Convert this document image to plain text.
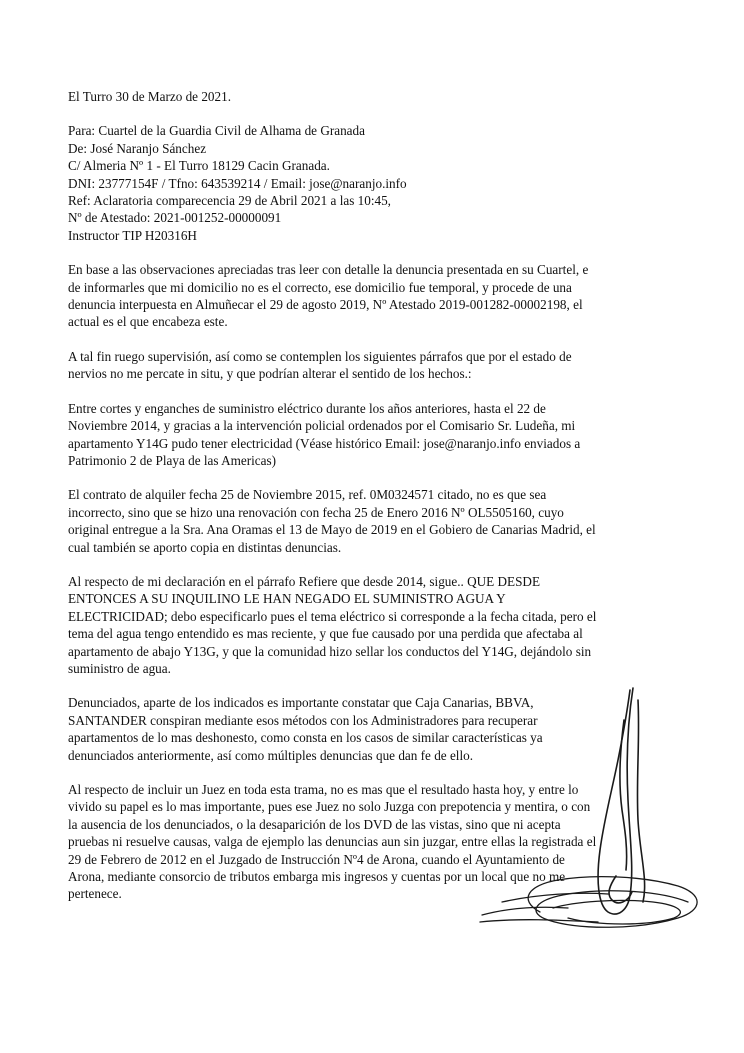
El Turro 30 de Marzo de 2021.
Para: Cuartel de la Guardia Civil de Alhama de Granada
De: José Naranjo Sánchez
C/ Almeria Nº 1 - El Turro 18129 Cacin Granada.
DNI: 23777154F / Tfno: 643539214 / Email: jose@naranjo.info
Ref: Aclaratoria comparecencia 29 de Abril 2021 a las 10:45,
Nº de Atestado: 2021-001252-00000091
Instructor TIP H20316H
En base a las observaciones apreciadas tras leer con detalle la denuncia presentada en su Cuartel, e
de informarles que mi domicilio no es el correcto, ese domicilio fue temporal, y procede de una
denuncia interpuesta en Almuñecar el 29 de agosto 2019, Nº Atestado 2019-001282-00002198, el
actual es el que encabeza este.
A tal fin ruego supervisión, así como se contemplen los siguientes párrafos que por el estado de
nervios no me percate in situ, y que podrían alterar el sentido de los hechos.:
Entre cortes y enganches de suministro eléctrico durante los años anteriores, hasta el 22 de
Noviembre 2014, y gracias a la intervención policial ordenados por el Comisario Sr. Ludeña, mi
apartamento Y14G pudo tener electricidad (Véase histórico Email: jose@naranjo.info enviados a
Patrimonio 2 de Playa de las Americas)
El contrato de alquiler fecha 25 de Noviembre 2015, ref. 0M0324571 citado, no es que sea
incorrecto, sino que se hizo una renovación con fecha 25 de Enero 2016 Nº OL5505160, cuyo
original entregue a la Sra. Ana Oramas el 13 de Mayo de 2019 en el Gobiero de Canarias Madrid, el
cual también se aporto copia en distintas denuncias.
Al respecto de mi declaración en el párrafo Refiere que desde 2014, sigue.. QUE DESDE
ENTONCES A SU INQUILINO LE HAN NEGADO EL SUMINISTRO AGUA Y
ELECTRICIDAD; debo especificarlo pues el tema eléctrico si corresponde a la fecha citada, pero el
tema del agua tengo entendido es mas reciente, y que fue causado por una perdida que afectaba al
apartamento de abajo Y13G, y que la comunidad hizo sellar los conductos del Y14G, dejándolo sin
suministro de agua.
Denunciados, aparte de los indicados es importante constatar que Caja Canarias, BBVA,
SANTANDER conspiran mediante esos métodos con los Administradores para recuperar
apartamentos de lo mas deshonesto, como consta en los casos de similar características ya
denunciados anteriormente, así como múltiples denuncias que dan fe de ello.
Al respecto de incluir un Juez en toda esta trama, no es mas que el resultado hasta hoy, y entre lo
vivido su papel es lo mas importante, pues ese Juez no solo Juzga con prepotencia y mentira, o con
la ausencia de los denunciados, o la desaparición de los DVD de las vistas, sino que ni acepta
pruebas ni resuelve causas, valga de ejemplo las denuncias aun sin juzgar, entre ellas la registrada el
29 de Febrero de 2012 en el Juzgado de Instrucción Nº4 de Arona, cuando el Ayuntamiento de
Arona, mediante consorcio de tributos embarga mis ingresos y cuentas por un local que no me
pertenece.
